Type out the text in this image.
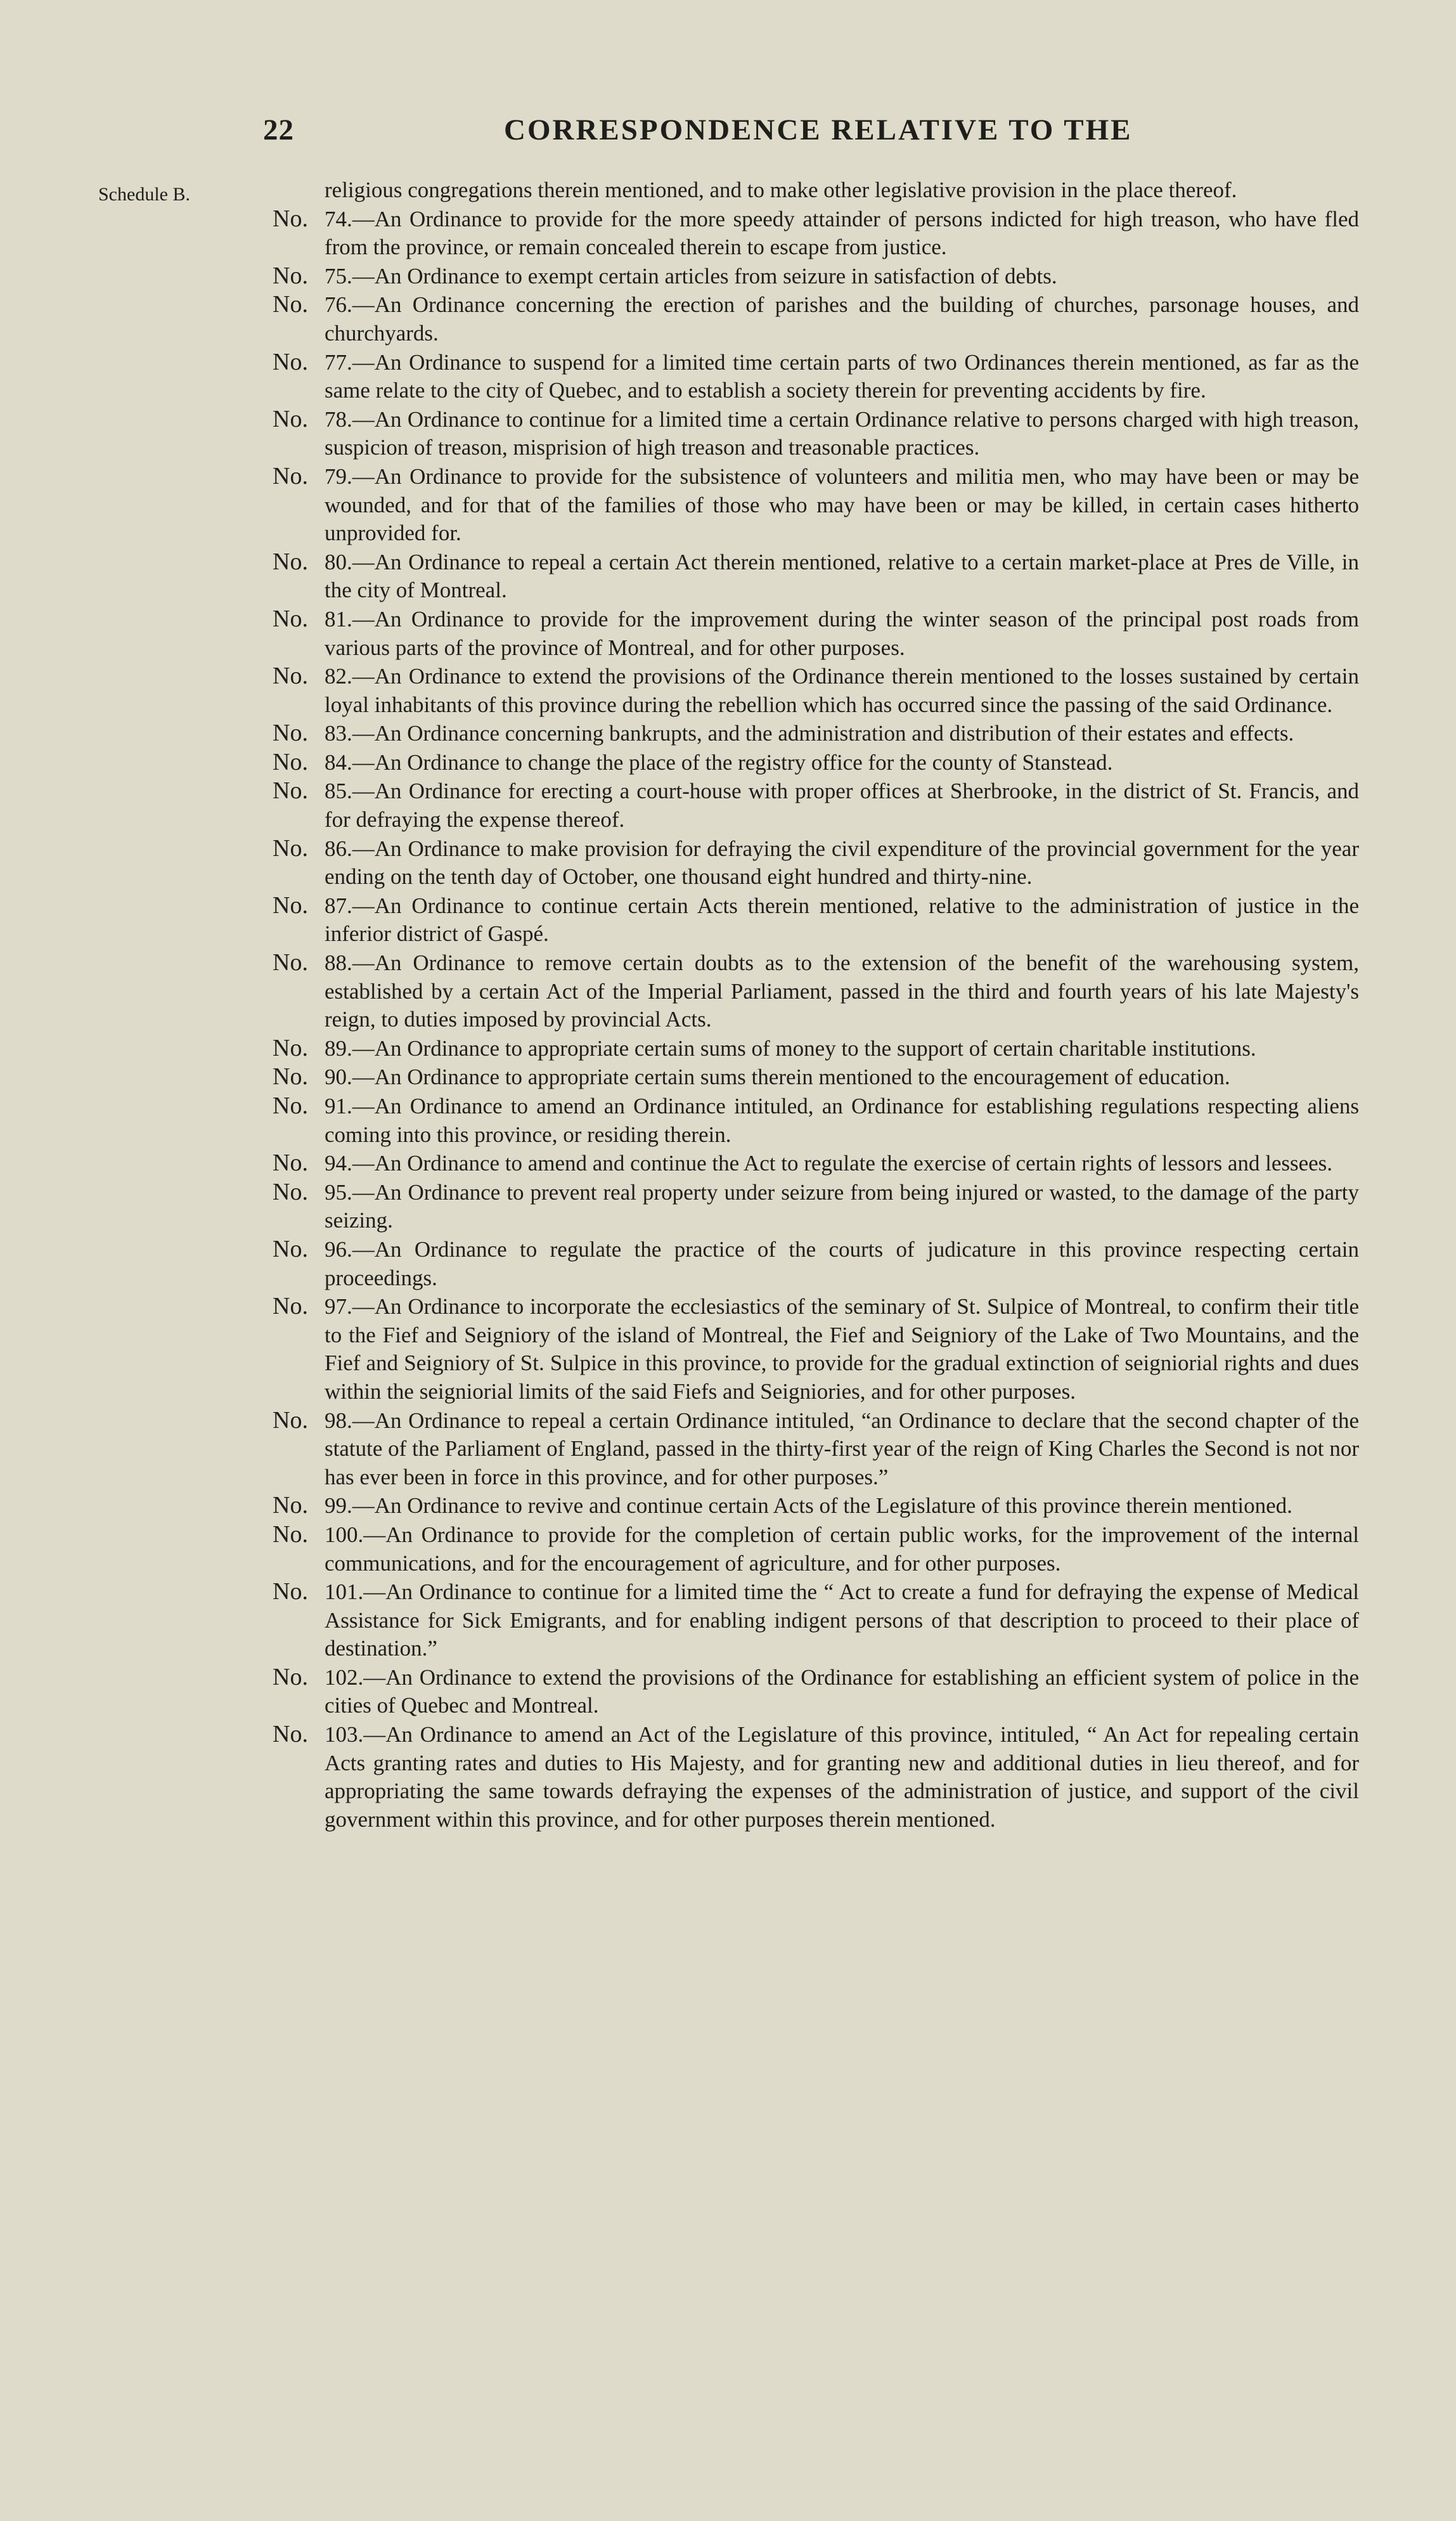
22	CORRESPONDENCE RELATIVE TO THE
Schedule B.	religious congregations therein mentioned, and to make other legislative provision in the place thereof.

No. 74.—An Ordinance to provide for the more speedy attainder of persons indicted for high treason, who have fled from the province, or remain concealed therein to escape from justice.

No. 75.—An Ordinance to exempt certain articles from seizure in satisfaction of debts.

No. 76.—An Ordinance concerning the erection of parishes and the building of churches, parsonage houses, and churchyards.

No. 77.—An Ordinance to suspend for a limited time certain parts of two Ordinances therein mentioned, as far as the same relate to the city of Quebec, and to establish a society therein for preventing accidents by fire.

No. 78.—An Ordinance to continue for a limited time a certain Ordinance relative to persons charged with high treason, suspicion of treason, misprision of high treason and treasonable practices.

No. 79.—An Ordinance to provide for the subsistence of volunteers and militia men, who may have been or may be wounded, and for that of the families of those who may have been or may be killed, in certain cases hitherto unprovided for.

No. 80.—An Ordinance to repeal a certain Act therein mentioned, relative to a certain market-place at Pres de Ville, in the city of Montreal.

No. 81.—An Ordinance to provide for the improvement during the winter season of the principal post roads from various parts of the province of Montreal, and for other purposes.

No. 82.—An Ordinance to extend the provisions of the Ordinance therein mentioned to the losses sustained by certain loyal inhabitants of this province during the rebellion which has occurred since the passing of the said Ordinance.

No. 83.—An Ordinance concerning bankrupts, and the administration and distribution of their estates and effects.

No. 84.—An Ordinance to change the place of the registry office for the county of Stanstead.

No. 85.—An Ordinance for erecting a court-house with proper offices at Sherbrooke, in the district of St. Francis, and for defraying the expense thereof.

No. 86.—An Ordinance to make provision for defraying the civil expenditure of the provincial government for the year ending on the tenth day of October, one thousand eight hundred and thirty-nine.

No. 87.—An Ordinance to continue certain Acts therein mentioned, relative to the administration of justice in the inferior district of Gaspé.

No. 88.—An Ordinance to remove certain doubts as to the extension of the benefit of the warehousing system, established by a certain Act of the Imperial Parliament, passed in the third and fourth years of his late Majesty's reign, to duties imposed by provincial Acts.

No. 89.—An Ordinance to appropriate certain sums of money to the support of certain charitable institutions.

No. 90.—An Ordinance to appropriate certain sums therein mentioned to the encouragement of education.

No. 91.—An Ordinance to amend an Ordinance intituled, an Ordinance for establishing regulations respecting aliens coming into this province, or residing therein.

No. 94.—An Ordinance to amend and continue the Act to regulate the exercise of certain rights of lessors and lessees.

No. 95.—An Ordinance to prevent real property under seizure from being injured or wasted, to the damage of the party seizing.

No. 96.—An Ordinance to regulate the practice of the courts of judicature in this province respecting certain proceedings.

No. 97.—An Ordinance to incorporate the ecclesiastics of the seminary of St. Sulpice of Montreal, to confirm their title to the Fief and Seigniory of the island of Montreal, the Fief and Seigniory of the Lake of Two Mountains, and the Fief and Seigniory of St. Sulpice in this province, to provide for the gradual extinction of seigniorial rights and dues within the seigniorial limits of the said Fiefs and Seigniories, and for other purposes.

No. 98.—An Ordinance to repeal a certain Ordinance intituled, “an Ordinance to declare that the second chapter of the statute of the Parliament of England, passed in the thirty-first year of the reign of King Charles the Second is not nor has ever been in force in this province, and for other purposes.”

No. 99.—An Ordinance to revive and continue certain Acts of the Legislature of this province therein mentioned.

No. 100.—An Ordinance to provide for the completion of certain public works, for the improvement of the internal communications, and for the encouragement of agriculture, and for other purposes.

No. 101.—An Ordinance to continue for a limited time the “ Act to create a fund for defraying the expense of Medical Assistance for Sick Emigrants, and for enabling indigent persons of that description to proceed to their place of destination.”

No. 102.—An Ordinance to extend the provisions of the Ordinance for establishing an efficient system of police in the cities of Quebec and Montreal.

No. 103.—An Ordinance to amend an Act of the Legislature of this province, intituled, “ An Act for repealing certain Acts granting rates and duties to His Majesty, and for granting new and additional duties in lieu thereof, and for appropriating the same towards defraying the expenses of the administration of justice, and support of the civil government within this province, and for other purposes therein mentioned.
